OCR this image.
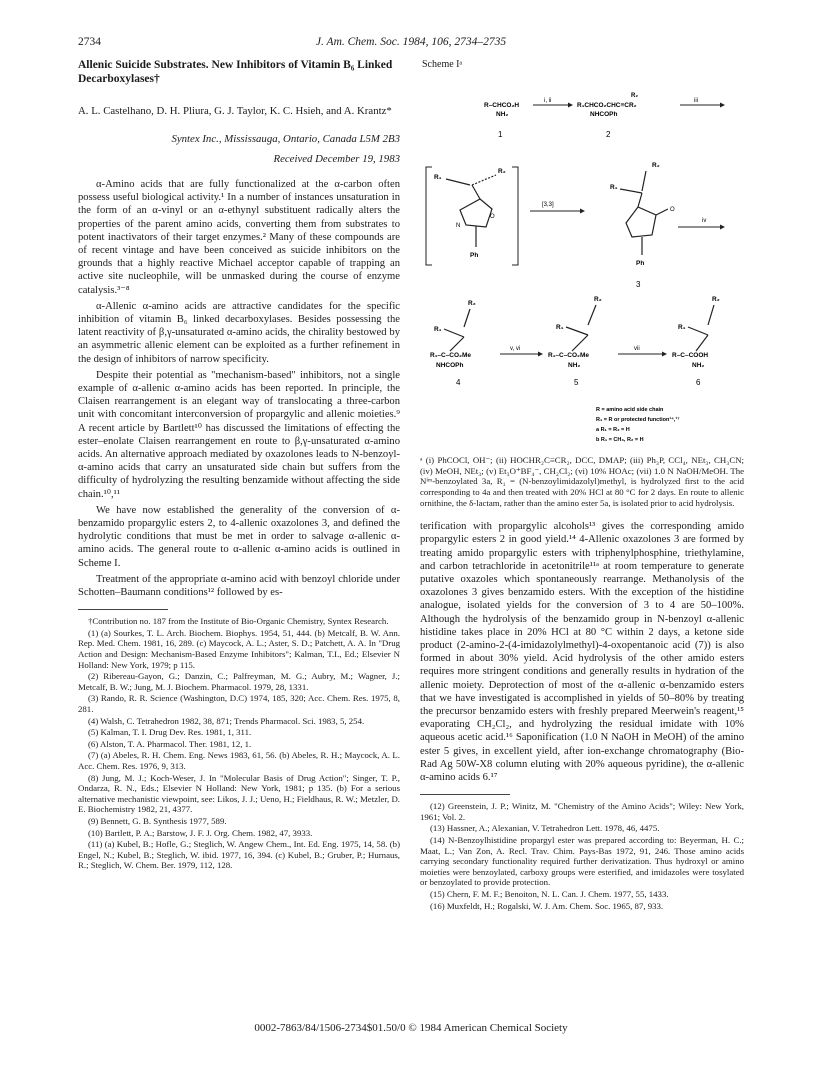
2734	J. Am. Chem. Soc. 1984, 106, 2734–2735
Allenic Suicide Substrates. New Inhibitors of Vitamin B₆ Linked Decarboxylases†
A. L. Castelhano, D. H. Pliura, G. J. Taylor, K. C. Hsieh, and A. Krantz*
Syntex Inc., Mississauga, Ontario, Canada L5M 2B3
Received December 19, 1983

α-Amino acids that are fully functionalized at the α-carbon often possess useful biological activity.¹ In a number of instances unsaturation in the form of an α-vinyl or an α-ethynyl substituent radically alters the properties of the parent amino acids, converting them from substrates to potent inactivators of their target enzymes.² Many of these compounds are of recent vintage and have been conceived as suicide inhibitors on the grounds that a highly reactive Michael acceptor capable of trapping an active site nucleophile, will be unmasked during the course of enzyme catalysis.³⁻⁸

α-Allenic α-amino acids are attractive candidates for the specific inhibition of vitamin B₆ linked decarboxylases. Besides possessing the latent reactivity of β,γ-unsaturated α-amino acids, the chirality bestowed by an asymmetric allenic element can be exploited as a further refinement in the design of inhibitors of narrow specificity.

Despite their potential as "mechanism-based" inhibitors, not a single example of α-allenic α-amino acids has been reported. In principle, the Claisen rearrangement is an elegant way of translocating a three-carbon unit with concomitant interconversion of propargylic and allenic moieties.⁹ A recent article by Bartlett¹⁰ has discussed the limitations of effecting the ester–enolate Claisen rearrangement en route to β,γ-unsaturated α-amino acids. An alternative approach mediated by oxazolones leads to N-benzoyl-α-amino acids that carry an unsaturated side chain but suffers from the difficulty of hydrolyzing the resulting benzamide without affecting the side chain.¹⁰,¹¹

We have now established the generality of the conversion of α-benzamido propargylic esters 2, to 4-allenic oxazolones 3, and defined the hydrolytic conditions that must be met in order to salvage α-allenic α-amino acids. The general route to α-allenic α-amino acids is outlined in Scheme I.

Treatment of the appropriate α-amino acid with benzoyl chloride under Schotten–Baumann conditions¹² followed by es-

†Contribution no. 187 from the Institute of Bio-Organic Chemistry, Syntex Research.
(1) (a) Sourkes, T. L. Arch. Biochem. Biophys. 1954, 51, 444. (b) Metcalf, B. W. Ann. Rep. Med. Chem. 1981, 16, 289. (c) Maycock, A. L.; Aster, S. D.; Patchett, A. A. In "Drug Action and Design: Mechanism-Based Enzyme Inhibitors"; Kalman, T.I., Ed.; Elsevier N Holland: New York, 1979; p 115.
(2) Ribereau-Gayon, G.; Danzin, C.; Palfreyman, M. G.; Aubry, M.; Wagner, J.; Metcalf, B. W.; Jung, M. J. Biochem. Pharmacol. 1979, 28, 1331.
(3) Rando, R. R. Science (Washington, D.C) 1974, 185, 320; Acc. Chem. Res. 1975, 8, 281.
(4) Walsh, C. Tetrahedron 1982, 38, 871; Trends Pharmacol. Sci. 1983, 5, 254.
(5) Kalman, T. I. Drug Dev. Res. 1981, 1, 311.
(6) Alston, T. A. Pharmacol. Ther. 1981, 12, 1.
(7) (a) Abeles, R. H. Chem. Eng. News 1983, 61, 56. (b) Abeles, R. H.; Maycock, A. L. Acc. Chem. Res. 1976, 9, 313.
(8) Jung, M. J.; Koch-Weser, J. In "Molecular Basis of Drug Action"; Singer, T. P., Ondarza, R. N., Eds.; Elsevier N Holland: New York, 1981; p 135. (b) For a serious alternative mechanistic viewpoint, see: Likos, J. J.; Ueno, H.; Fieldhaus, R. W.; Metzler, D. E. Biochemistry 1982, 21, 4377.
(9) Bennett, G. B. Synthesis 1977, 589.
(10) Bartlett, P. A.; Barstow, J. F. J. Org. Chem. 1982, 47, 3933.
(11) (a) Kubel, B.; Hofle, G.; Steglich, W. Angew Chem., Int. Ed. Eng. 1975, 14, 58. (b) Engel, N.; Kubel, B.; Steglich, W. ibid. 1977, 16, 394. (c) Kubel, B.; Gruber, P.; Hurnaus, R.; Steglich, W. Chem. Ber. 1979, 112, 128.
Scheme Iᵃ
R–CHCO₂H
NH₂
1
i, ii
R₂
R₁CHCO₂CHC≡CR₂
NHCOPh
2
iii
R₁
R₂
O
N
Ph
[3,3]
R₁
R₂
O
Ph
3
iv
R₂
R₁
R₁–C–CO₂Me
NHCOPh
4
v, vi
R₂
R₁
R₁–C–CO₂Me
NH₂
5
vii
R₂
R₁
R–C–COOH
NH₂
6
R = amino acid side chain
R₁ = R or protected function¹⁴,¹⁷
a R₁ = R₂ = H
b R₁ = CH₃, R₂ = H
ᵃ (i) PhCOCl, OH⁻; (ii) HOCHR₂C≡CR₂, DCC, DMAP; (iii) Ph₃P, CCl₄, NEt₃, CH₃CN; (iv) MeOH, NEt₃; (v) Et₃O⁺BF₄⁻, CH₂Cl₂; (vi) 10% HOAc; (vii) 1.0 N NaOH/MeOH. The Nⁱᵐ-benzoylated 3a, R₁ = (N-benzoylimidazolyl)methyl, is hydrolyzed first to the acid corresponding to 4a and then treated with 20% HCl at 80 °C for 2 days. En route to allenic ornithine, the δ-lactam, rather than the amino ester 5a, is isolated prior to acid hydrolysis.

terification with propargylic alcohols¹³ gives the corresponding amido propargylic esters 2 in good yield.¹⁴ 4-Allenic oxazolones 3 are formed by treating amido propargylic esters with triphenylphosphine, triethylamine, and carbon tetrachloride in acetonitrile¹¹ᵃ at room temperature to generate putative oxazoles which spontaneously rearrange. Methanolysis of the oxazolones 3 gives benzamido esters. With the exception of the histidine analogue, isolated yields for the conversion of 3 to 4 are 50–100%. Although the hydrolysis of the benzamido group in N-benzoyl α-allenic histidine takes place in 20% HCl at 80 °C within 2 days, a ketone side product (2-amino-2-(4-imidazolylmethyl)-4-oxopentanoic acid (7)) is also formed in about 30% yield. Acid hydrolysis of the other amido esters requires more stringent conditions and generally results in hydration of the allenic moiety. Deprotection of most of the α-allenic α-benzamido esters that we have investigated is accomplished in yields of 50–80% by treating the precursor benzamido esters with freshly prepared Meerwein's reagent,¹⁵ evaporating CH₂Cl₂, and hydrolyzing the residual imidate with 10% aqueous acetic acid.¹⁶ Saponification (1.0 N NaOH in MeOH) of the amino ester 5 gives, in excellent yield, after ion-exchange chromatography (Bio-Rad Ag 50W-X8 column eluting with 20% aqueous pyridine), the α-allenic α-amino acids 6.¹⁷

(12) Greenstein, J. P.; Winitz, M. "Chemistry of the Amino Acids"; Wiley: New York, 1961; Vol. 2.
(13) Hassner, A.; Alexanian, V. Tetrahedron Lett. 1978, 46, 4475.
(14) N-Benzoylhistidine propargyl ester was prepared according to: Beyerman, H. C.; Maat, L.; Van Zon, A. Recl. Trav. Chim. Pays-Bas 1972, 91, 246. Those amino acids carrying secondary functionality required further derivatization. Thus hydroxyl or amino moieties were benzoylated, carboxy groups were esterified, and imidazoles were tosylated or benzoylated to provide protection.
(15) Chern, F. M. F.; Benoiton, N. L. Can. J. Chem. 1977, 55, 1433.
(16) Muxfeldt, H.; Rogalski, W. J. Am. Chem. Soc. 1965, 87, 933.
0002-7863/84/1506-2734$01.50/0 © 1984 American Chemical Society
